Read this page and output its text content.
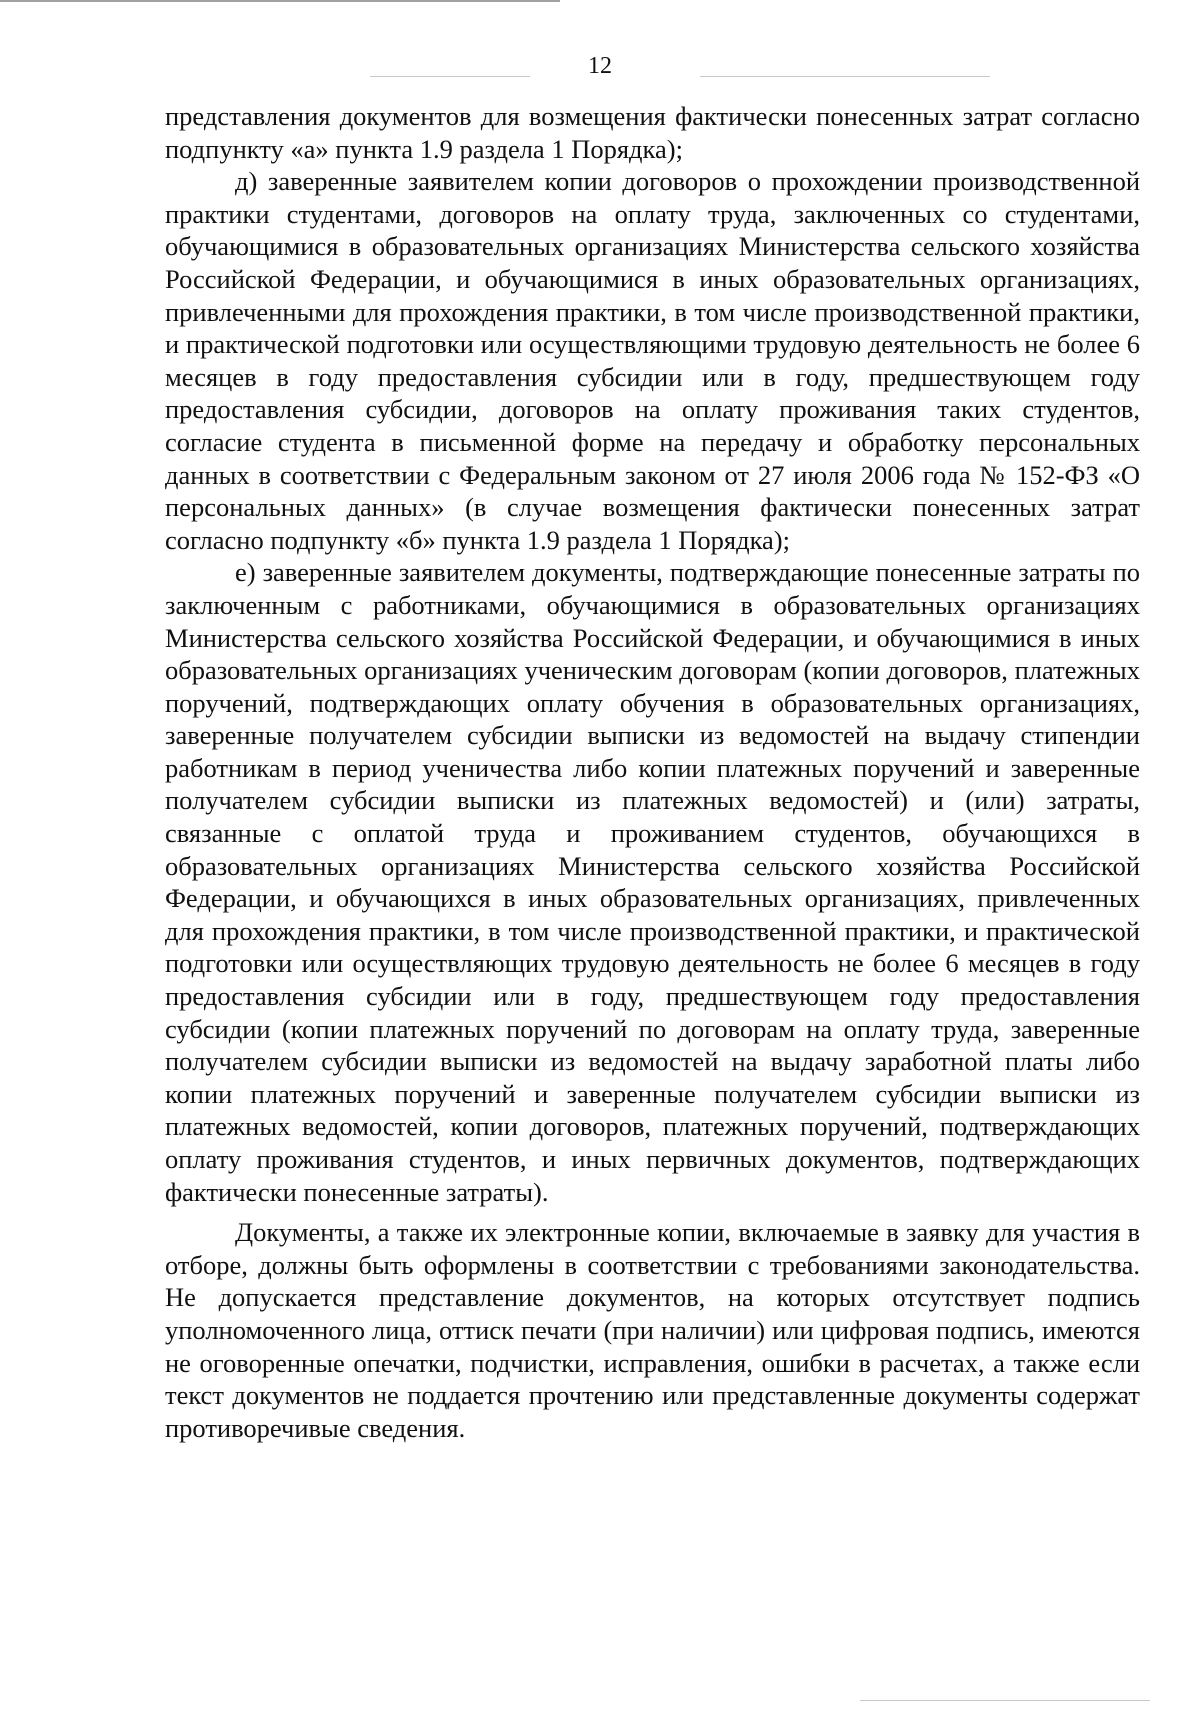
12

представления документов для возмещения фактически понесенных затрат согласно подпункту «а» пункта 1.9 раздела 1 Порядка);

д) заверенные заявителем копии договоров о прохождении производственной практики студентами, договоров на оплату труда, заключенных со студентами, обучающимися в образовательных организациях Министерства сельского хозяйства Российской Федерации, и обучающимися в иных образовательных организациях, привлеченными для прохождения практики, в том числе производственной практики, и практической подготовки или осуществляющими трудовую деятельность не более 6 месяцев в году предоставления субсидии или в году, предшествующем году предоставления субсидии, договоров на оплату проживания таких студентов, согласие студента в письменной форме на передачу и обработку персональных данных в соответствии с Федеральным законом от 27 июля 2006 года № 152-ФЗ «О персональных данных» (в случае возмещения фактически понесенных затрат согласно подпункту «б» пункта 1.9 раздела 1 Порядка);

е) заверенные заявителем документы, подтверждающие понесенные затраты по заключенным с работниками, обучающимися в образовательных организациях Министерства сельского хозяйства Российской Федерации, и обучающимися в иных образовательных организациях ученическим договорам (копии договоров, платежных поручений, подтверждающих оплату обучения в образовательных организациях, заверенные получателем субсидии выписки из ведомостей на выдачу стипендии работникам в период ученичества либо копии платежных поручений и заверенные получателем субсидии выписки из платежных ведомостей) и (или) затраты, связанные с оплатой труда и проживанием студентов, обучающихся в образовательных организациях Министерства сельского хозяйства Российской Федерации, и обучающихся в иных образовательных организациях, привлеченных для прохождения практики, в том числе производственной практики, и практической подготовки или осуществляющих трудовую деятельность не более 6 месяцев в году предоставления субсидии или в году, предшествующем году предоставления субсидии (копии платежных поручений по договорам на оплату труда, заверенные получателем субсидии выписки из ведомостей на выдачу заработной платы либо копии платежных поручений и заверенные получателем субсидии выписки из платежных ведомостей, копии договоров, платежных поручений, подтверждающих оплату проживания студентов, и иных первичных документов, подтверждающих фактически понесенные затраты).

Документы, а также их электронные копии, включаемые в заявку для участия в отборе, должны быть оформлены в соответствии с требованиями законодательства. Не допускается представление документов, на которых отсутствует подпись уполномоченного лица, оттиск печати (при наличии) или цифровая подпись, имеются не оговоренные опечатки, подчистки, исправления, ошибки в расчетах, а также если текст документов не поддается прочтению или представленные документы содержат противоречивые сведения.
